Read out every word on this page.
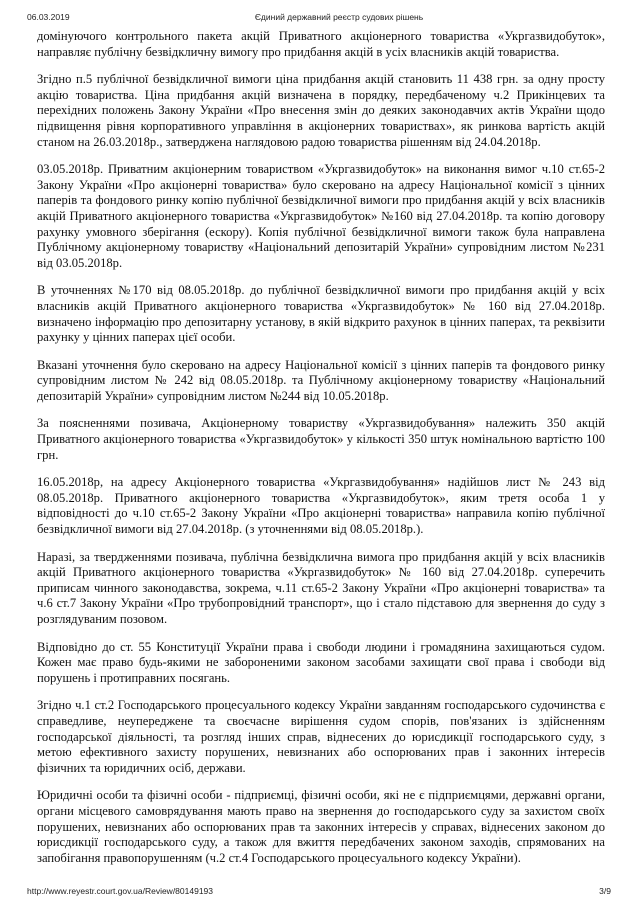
06.03.2019	Єдиний державний реєстр судових рішень

домінуючого контрольного пакета акцій Приватного акціонерного товариства «Укргазвидобуток», направляє публічну безвідкличну вимогу про придбання акцій в усіх власників акцій товариства.

Згідно п.5 публічної безвідкличної вимоги ціна придбання акцій становить 11 438 грн. за одну просту акцію товариства. Ціна придбання акцій визначена в порядку, передбаченому ч.2 Прикінцевих та перехідних положень Закону України «Про внесення змін до деяких законодавчих актів України щодо підвищення рівня корпоративного управління в акціонерних товариствах», як ринкова вартість акцій станом на 26.03.2018р., затверджена наглядовою радою товариства рішенням від 24.04.2018р.

03.05.2018р. Приватним акціонерним товариством «Укргазвидобуток» на виконання вимог ч.10 ст.65-2 Закону України «Про акціонерні товариства» було скеровано на адресу Національної комісії з цінних паперів та фондового ринку копію публічної безвідкличної вимоги про придбання акцій у всіх власників акцій Приватного акціонерного товариства «Укргазвидобуток» №160 від 27.04.2018р. та копію договору рахунку умовного зберігання (ескору). Копія публічної безвідкличної вимоги також була направлена Публічному акціонерному товариству «Національний депозитарій України» супровідним листом №231 від 03.05.2018р.

В уточненнях №170 від 08.05.2018р. до публічної безвідкличної вимоги про придбання акцій у всіх власників акцій Приватного акціонерного товариства «Укргазвидобуток» № 160 від 27.04.2018р. визначено інформацію про депозитарну установу, в якій відкрито рахунок в цінних паперах, та реквізити рахунку у цінних паперах цієї особи.

Вказані уточнення було скеровано на адресу Національної комісії з цінних паперів та фондового ринку супровідним листом № 242 від 08.05.2018р. та Публічному акціонерному товариству «Національний депозитарій України» супровідним листом №244 від 10.05.2018р.

За поясненнями позивача, Акціонерному товариству «Укргазвидобування» належить 350 акцій Приватного акціонерного товариства «Укргазвидобуток» у кількості 350 штук номінальною вартістю 100 грн.

16.05.2018р, на адресу Акціонерного товариства «Укргазвидобування» надійшов лист № 243 від 08.05.2018р. Приватного акціонерного товариства «Укргазвидобуток», яким третя особа 1 у відповідності до ч.10 ст.65-2 Закону України «Про акціонерні товариства» направила копію публічної безвідкличної вимоги від 27.04.2018р. (з уточненнями від 08.05.2018р.).

Наразі, за твердженнями позивача, публічна безвідклична вимога про придбання акцій у всіх власників акцій Приватного акціонерного товариства «Укргазвидобуток» № 160 від 27.04.2018р. суперечить приписам чинного законодавства, зокрема, ч.11 ст.65-2 Закону України «Про акціонерні товариства» та ч.6 ст.7 Закону України «Про трубопровідний транспорт», що і стало підставою для звернення до суду з розглядуваним позовом.

Відповідно до ст. 55 Конституції України права і свободи людини і громадянина захищаються судом. Кожен має право будь-якими не забороненими законом засобами захищати свої права і свободи від порушень і протиправних посягань.

Згідно ч.1 ст.2 Господарського процесуального кодексу України завданням господарського судочинства є справедливе, неупереджене та своєчасне вирішення судом спорів, пов'язаних із здійсненням господарської діяльності, та розгляд інших справ, віднесених до юрисдикції господарського суду, з метою ефективного захисту порушених, невизнаних або оспорюваних прав і законних інтересів фізичних та юридичних осіб, держави.

Юридичні особи та фізичні особи - підприємці, фізичні особи, які не є підприємцями, державні органи, органи місцевого самоврядування мають право на звернення до господарського суду за захистом своїх порушених, невизнаних або оспорюваних прав та законних інтересів у справах, віднесених законом до юрисдикції господарського суду, а також для вжиття передбачених законом заходів, спрямованих на запобігання правопорушенням (ч.2 ст.4 Господарського процесуального кодексу України).

http://www.reyestr.court.gov.ua/Review/80149193	3/9
